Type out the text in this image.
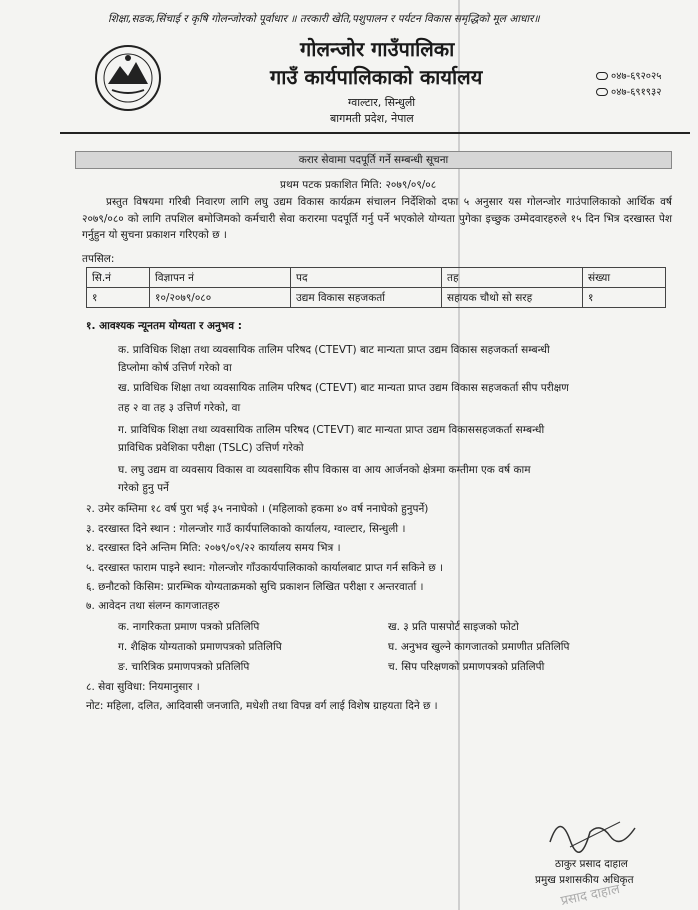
शिक्षा,सडक,सिंचाई र कृषि गोलन्जोरको पूर्वाधार ॥ तरकारी खेति,पशुपालन र पर्यटन विकास समृद्धिको मूल आधार॥
गोलन्जोर गाउँपालिका
गाउँ कार्यपालिकाको कार्यालय
ग्वाल्टार, सिन्धुली
बागमती प्रदेश, नेपाल
०४७-६९२०२५
०४७-६९१९३२
करार सेवामा पदपूर्ति गर्ने सम्बन्धी सूचना
प्रथम पटक प्रकाशित मिति: २०७९/०९/०८

प्रस्तुत विषयमा गरिबी निवारण लागि लघु उद्यम विकास कार्यक्रम संचालन निर्देशिको दफा ५ अनुसार यस गोलन्जोर गाउंपालिकाको आर्थिक वर्ष २०७९/०८० को लागि तपशिल बमोजिमको कर्मचारी सेवा करारमा पदपूर्ति गर्नु पर्ने भएकोले योग्यता पुगेका इच्छुक उम्मेदवारहरुले १५ दिन भित्र दरखास्त पेश गर्नुहुन यो सुचना प्रकाशन गरिएको छ ।

तपसिल:
सि.नं	विज्ञापन नं	पद	तह	संख्या
१	१०/२०७९/०८०	उद्यम विकास सहजकर्ता	सहायक चौथो सो सरह	१
१. आवश्यक न्यूनतम योग्यता र अनुभव :
क. प्राविधिक शिक्षा तथा व्यवसायिक तालिम परिषद (CTEVT) बाट मान्यता प्राप्त उद्यम विकास सहजकर्ता सम्बन्धी
डिप्लोमा कोर्ष उत्तिर्ण गरेको वा
ख. प्राविधिक शिक्षा तथा व्यवसायिक तालिम परिषद (CTEVT) बाट मान्यता प्राप्त उद्यम विकास सहजकर्ता सीप परीक्षण
तह २ वा तह ३ उत्तिर्ण गरेको, वा
ग. प्राविधिक शिक्षा तथा व्यवसायिक तालिम परिषद (CTEVT) बाट मान्यता प्राप्त उद्यम विकाससहजकर्ता सम्बन्धी
प्राविधिक प्रवेशिका परीक्षा (TSLC) उत्तिर्ण गरेको
घ. लघु उद्यम वा व्यवसाय विकास वा व्यवसायिक सीप विकास वा आय आर्जनको क्षेत्रमा कम्तीमा एक वर्ष काम
गरेको हुनु पर्ने
२. उमेर कम्तिमा १८ वर्ष पुरा भई ३५ ननाघेको । (महिलाको हकमा ४० वर्ष ननाघेको हुनुपर्ने)
३. दरखास्त दिने स्थान : गोलन्जोर गाउँ कार्यपालिकाको कार्यालय, ग्वाल्टार, सिन्धुली ।
४. दरखास्त दिने अन्तिम मिति: २०७९/०९/२२ कार्यालय समय भित्र ।
५. दरखास्त फाराम पाइने स्थान: गोलन्जोर गाँउकार्यपालिकाको कार्यालबाट प्राप्त गर्न सकिने छ ।
६. छनौटको किसिम: प्रारम्भिक योग्यताक्रमको सुचि प्रकाशन लिखित परीक्षा र अन्तरवार्ता ।
७. आवेदन तथा संलग्न कागजातहरु
क. नागरिकता प्रमाण पत्रको प्रतिलिपि	ख. ३ प्रति पासपोर्ट साइजको फोटो
ग. शैक्षिक योग्यताको प्रमाणपत्रको प्रतिलिपि	घ. अनुभव खुल्ने कागजातको प्रमाणीत प्रतिलिपि
ङ. चारित्रिक प्रमाणपत्रको प्रतिलिपि	च. सिप परिक्षणको प्रमाणपत्रको प्रतिलिपी
८. सेवा सुविधा: नियमानुसार ।
नोट: महिला, दलित, आदिवासी जनजाति, मधेशी तथा विपन्न वर्ग लाई विशेष ग्राहयता दिने छ ।
ठाकुर प्रसाद दाहाल
प्रमुख प्रशासकीय अधिकृत
प्रसाद दाहाल
